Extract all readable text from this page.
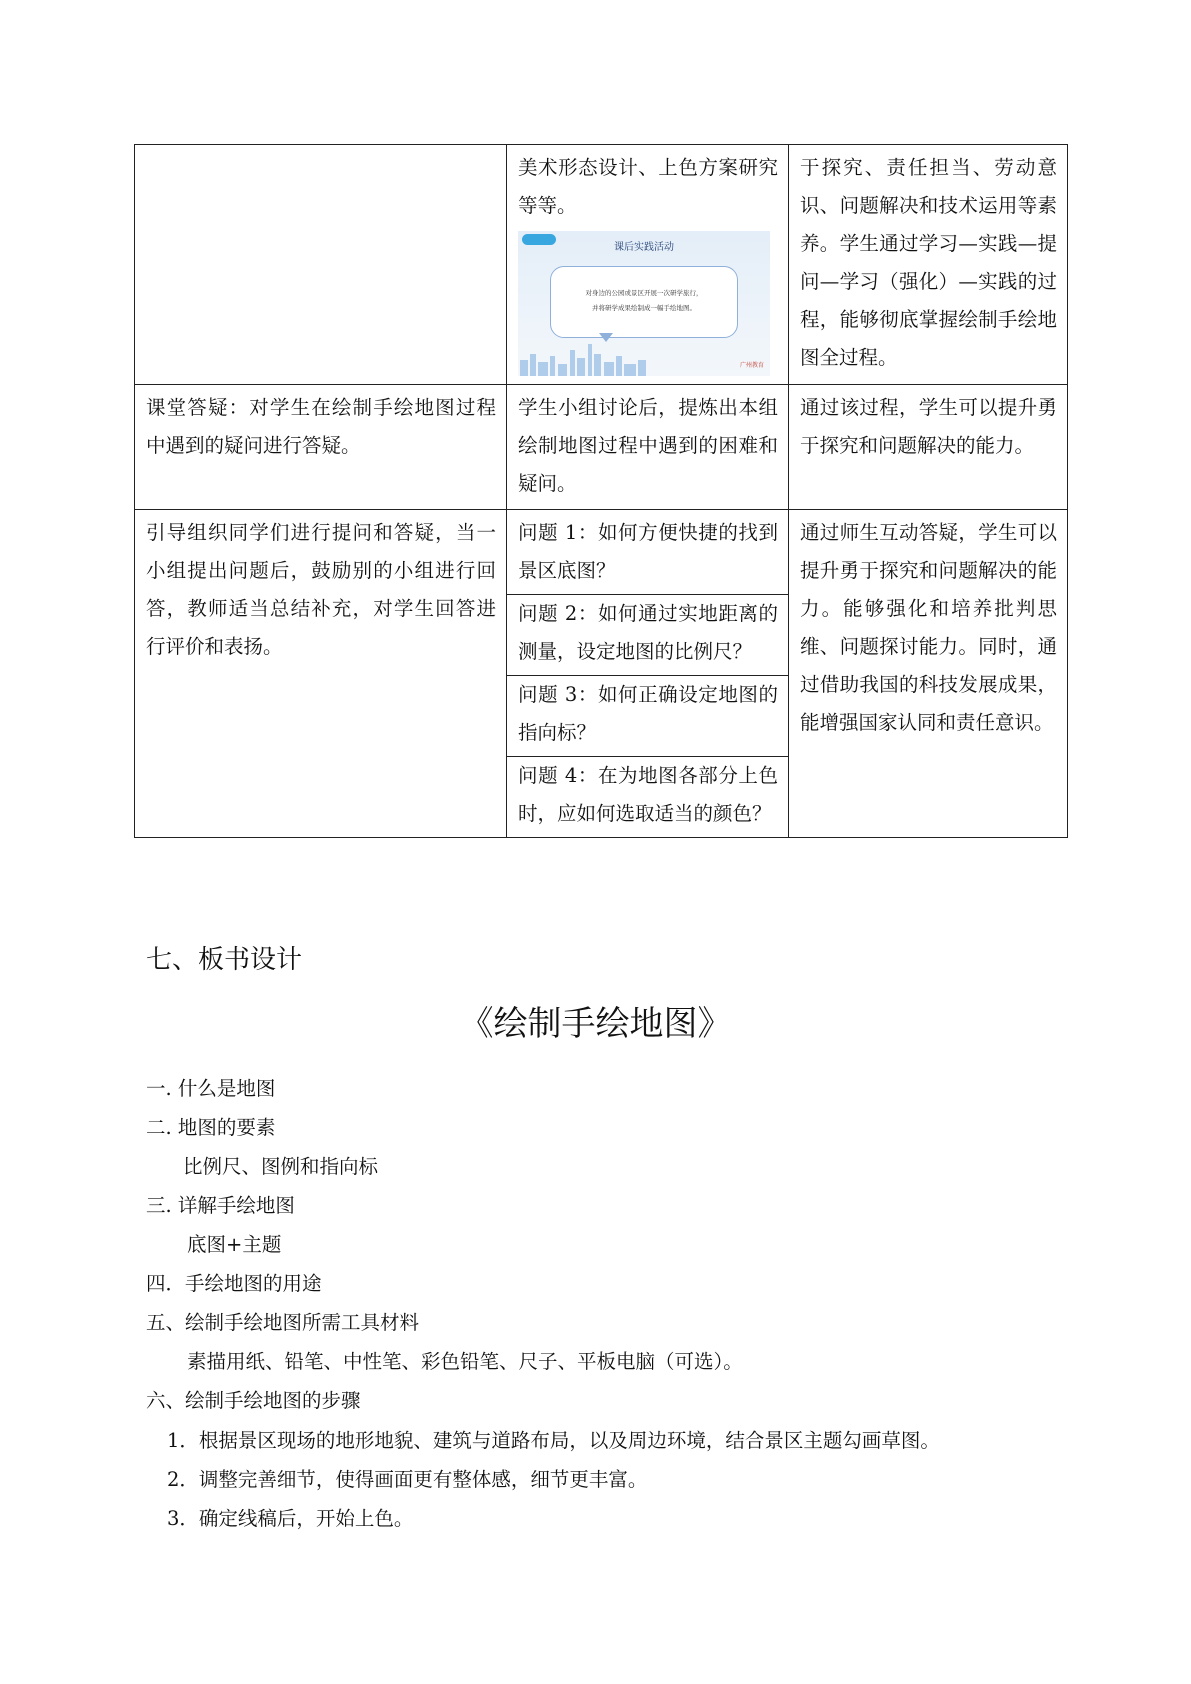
	美术形态设计、上色方案研究等等。
课后实践活动
对身边的公园或景区开展一次研学旅行，
并将研学成果绘制成一幅手绘地图。
广州教育	于探究、责任担当、劳动意识、问题解决和技术运用等素养。学生通过学习—实践—提问—学习（强化）—实践的过程，能够彻底掌握绘制手绘地图全过程。

课堂答疑：对学生在绘制手绘地图过程中遇到的疑问进行答疑。	学生小组讨论后，提炼出本组绘制地图过程中遇到的困难和疑问。	通过该过程，学生可以提升勇于探究和问题解决的能力。

引导组织同学们进行提问和答疑，当一小组提出问题后，鼓励别的小组进行回答，教师适当总结补充，对学生回答进行评价和表扬。	问题 1：如何方便快捷的找到景区底图？
问题 2：如何通过实地距离的测量，设定地图的比例尺？
问题 3：如何正确设定地图的指向标？
问题 4：在为地图各部分上色时，应如何选取适当的颜色？	通过师生互动答疑，学生可以提升勇于探究和问题解决的能力。能够强化和培养批判思维、问题探讨能力。同时，通过借助我国的科技发展成果，能增强国家认同和责任意识。
七、板书设计
《绘制手绘地图》
一. 什么是地图
二. 地图的要素
比例尺、图例和指向标
三. 详解手绘地图
底图+主题
四．手绘地图的用途
五、绘制手绘地图所需工具材料
素描用纸、铅笔、中性笔、彩色铅笔、尺子、平板电脑（可选）。
六、绘制手绘地图的步骤
1．根据景区现场的地形地貌、建筑与道路布局，以及周边环境，结合景区主题勾画草图。
2．调整完善细节，使得画面更有整体感，细节更丰富。
3．确定线稿后，开始上色。
